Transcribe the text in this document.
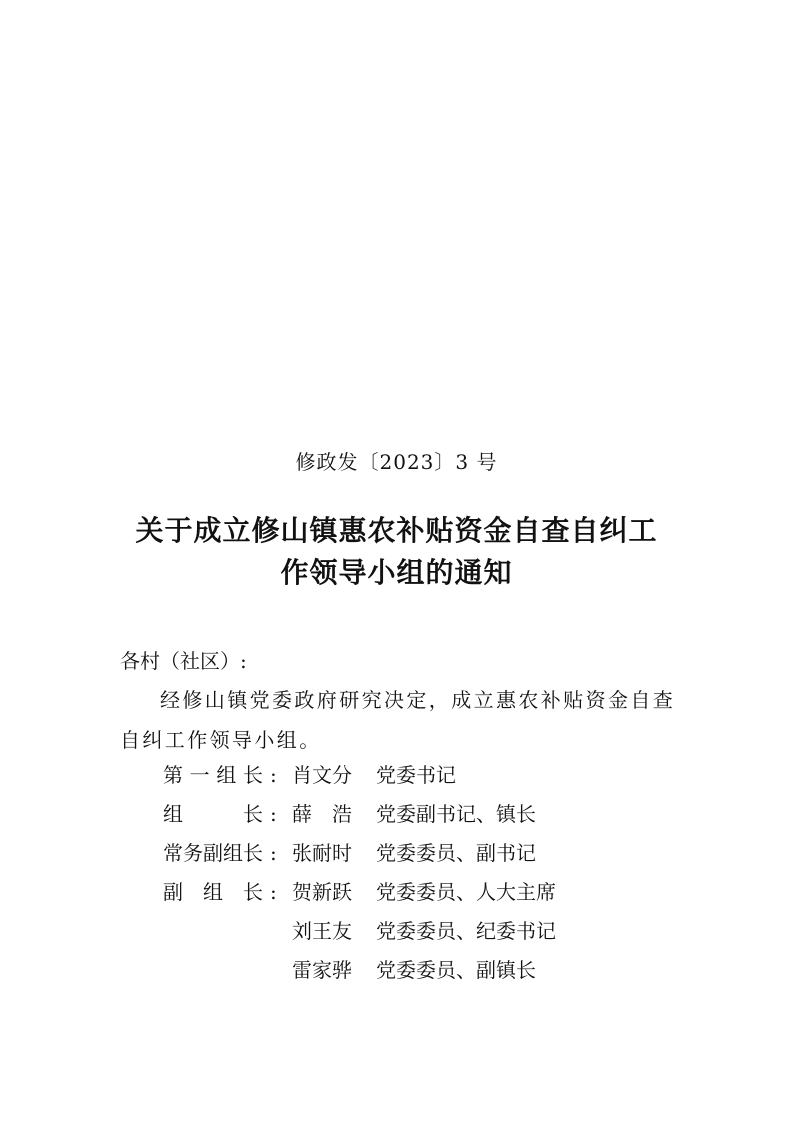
修政发〔2023〕3 号
关于成立修山镇惠农补贴资金自查自纠工
作领导小组的通知
各村（社区）:

经修山镇党委政府研究决定，成立惠农补贴资金自查自纠工作领导小组。

第 一 组 长 : 肖文分 党委书记
组	长 : 薛　浩 党委副书记、镇长
常务副组长 : 张耐时 党委委员、副书记
副 组 长 : 贺新跃 党委委员、人大主席
刘王友 党委委员、纪委书记
雷家骅 党委委员、副镇长
